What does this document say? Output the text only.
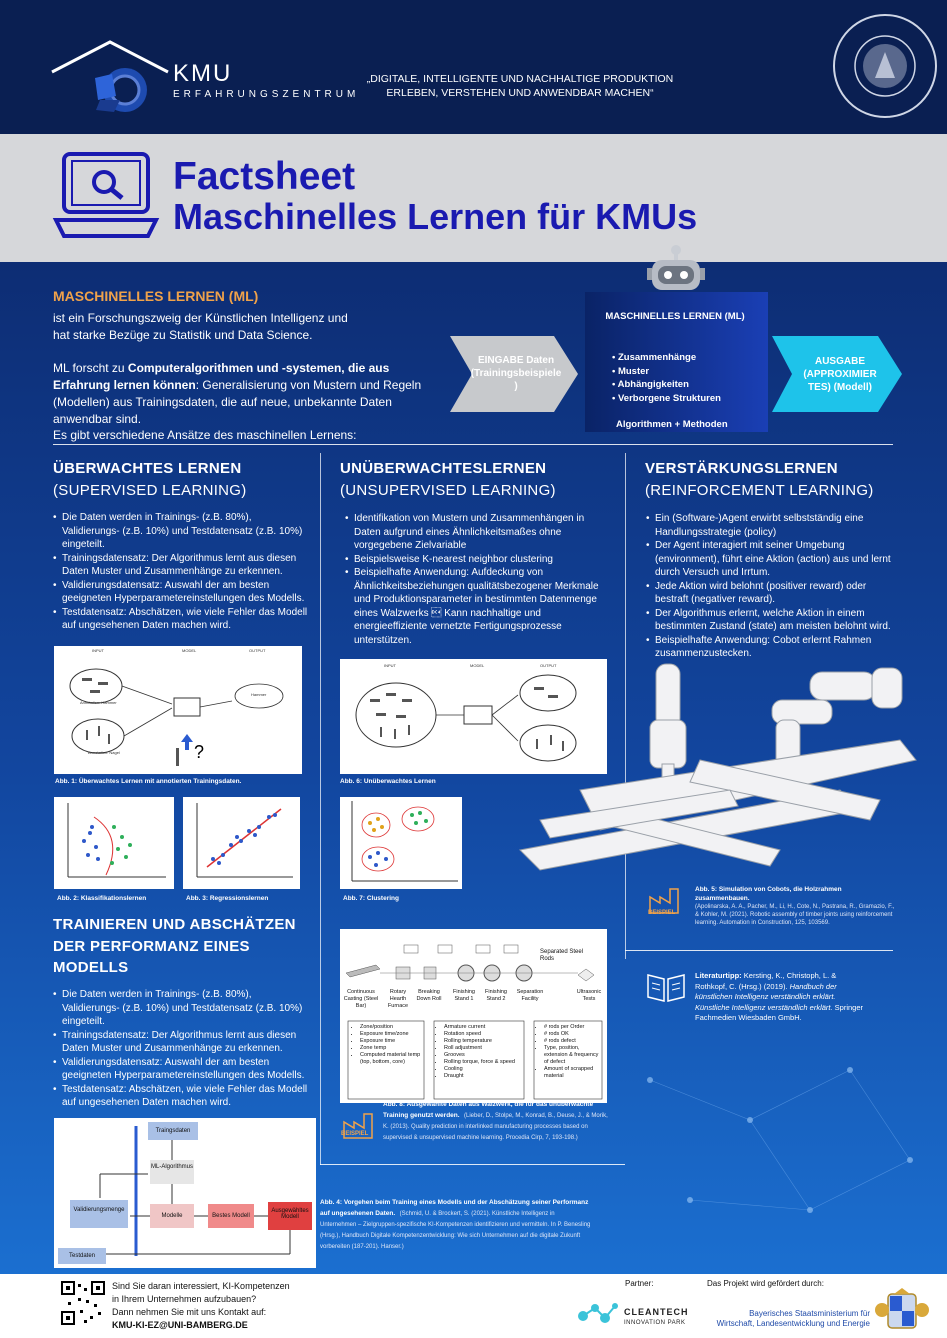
KMU
ERFAHRUNGSZENTRUM
„DIGITALE, INTELLIGENTE UND NACHHALTIGE PRODUKTION ERLEBEN, VERSTEHEN UND ANWENDBAR MACHEN“
Factsheet
Maschinelles Lernen für KMUs
MASCHINELLES LERNEN (ML)
ist ein Forschungszweig der Künstlichen Intelligenz und hat starke Bezüge zu Statistik und Data Science.
ML forscht zu Computeralgorithmen und -systemen, die aus Erfahrung lernen können: Generalisierung von Mustern und Regeln (Modellen) aus Trainingsdaten, die auf neue, unbekannte Daten anwendbar sind.
Es gibt verschiedene Ansätze des maschinellen Lernens:
EINGABE Daten (Trainingsbeispiele )
MASCHINELLES LERNEN (ML)
• Zusammenhänge
• Muster
• Abhängigkeiten
• Verborgene Strukturen
Algorithmen + Methoden
AUSGABE (APPROXIMIER TES) (Modell)
ÜBERWACHTES LERNEN
(SUPERVISED LEARNING)
• Die Daten werden in Trainings- (z.B. 80%), Validierungs- (z.B. 10%) und Testdatensatz (z.B. 10%) eingeteilt.
• Trainingsdatensatz: Der Algorithmus lernt aus diesen Daten Muster und Zusammenhänge zu erkennen.
• Validierungsdatensatz: Auswahl der am besten geeigneten Hyperparametereinstellungen des Modells.
• Testdatensatz: Abschätzen, wie viele Fehler das Modell auf ungesehenen Daten machen wird.
INPUT	MODEL	OUTPUT
Annotation: Hammer
Annotation: Nagel
Hammer
?
Abb. 1: Überwachtes Lernen mit annotierten Trainingsdaten.
Abb. 2: Klassifikationslernen	Abb. 3: Regressionslernen
TRAINIEREN UND ABSCHÄTZEN DER PERFORMANZ EINES MODELLS
• Die Daten werden in Trainings- (z.B. 80%), Validierungs- (z.B. 10%) und Testdatensatz (z.B. 10%) eingeteilt.
• Trainingsdatensatz: Der Algorithmus lernt aus diesen Daten Muster und Zusammenhänge zu erkennen.
• Validierungsdatensatz: Auswahl der am besten geeigneten Hyperparametereinstellungen des Modells.
• Testdatensatz: Abschätzen, wie viele Fehler das Modell auf ungesehenen Daten machen wird.
Traingsdaten
ML-Algorithmus
Validierungsmenge
Modelle	Bestes Modell
Ausgewähltes Modell
Testdaten
UNÜBERWACHTESLERNEN
(UNSUPERVISED LEARNING)
• Identifikation von Mustern und Zusammenhängen in Daten aufgrund eines Ähnlichkeitsmaßes ohne vorgegebene Zielvariable
• Beispielsweise K-nearest neighbor clustering
• Beispielhafte Anwendung: Aufdeckung von Ähnlichkeitsbeziehungen qualitätsbezogener Merkmale und Produktionsparameter in bestimmten Datenmenge eines Walzwerks  Kann nachhaltige und energieeffiziente vernetzte Fertigungsprozesse unterstützen.
INPUT	MODEL	OUTPUT
Abb. 6: Unüberwachtes Lernen
Abb. 7: Clustering
Continuous Casting (Steel Bar)
Rotary Hearth Furnace
Breaking Down Roll
Finishing Stand 1
Finishing Stand 2
Separation Facility
Ultrasonic Tests
Separated Steel Rods
• Zone/position
• Exposure time/zone
• Exposure time
• Zone temp
• Computed material temp (top, bottom, core)
• Armature current
• Rotation speed
• Rolling temperature
• Roll adjustment
• Grooves
• Rolling torque, force & speed
• Cooling
• Draught
• # rods per Order
• # rods OK
• # rods defect
• Type, position, extension & frequency of defect
• Amount of scrapped material
BEISPIEL
Abb. 8: Ausgewählte Daten aus Walzwerk, die für das unüberwachte Training genutzt werden. (Lieber, D., Stolpe, M., Konrad, B., Deuse, J., & Morik, K. (2013). Quality prediction in interlinked manufacturing processes based on supervised & unsupervised machine learning. Procedia Cirp, 7, 193-198.)
Abb. 4: Vorgehen beim Training eines Modells und der Abschätzung seiner Performanz auf ungesehenen Daten. (Schmid, U. & Brockert, S. (2021). Künstliche Intelligenz in Unternehmen – Zielgruppen-spezifische KI-Kompetenzen identifizieren und vermitteln. In P. Benesling (Hrsg.), Handbuch Digitale Kompetenzentwicklung: Wie sich Unternehmen auf die digitale Zukunft vorbereiten (187-201). Hanser.)
VERSTÄRKUNGSLERNEN
(REINFORCEMENT LEARNING)
• Ein (Software-)Agent erwirbt selbstständig eine Handlungsstrategie (policy)
• Der Agent interagiert mit seiner Umgebung (environment), führt eine Aktion (action) aus und lernt durch Versuch und Irrtum.
• Jede Aktion wird belohnt (positiver reward) oder bestraft (negativer reward).
• Der Algorithmus erlernt, welche Aktion in einem bestimmten Zustand (state) am meisten belohnt wird.
• Beispielhafte Anwendung: Cobot erlernt Rahmen zusammenzustecken.
BEISPIEL
Abb. 5: Simulation von Cobots, die Holzrahmen zusammenbauen.
(Apolinarska, A. A., Pacher, M., Li, H., Cote, N., Pastrana, R., Gramazio, F., & Kohler, M. (2021). Robotic assembly of timber joints using reinforcement learning. Automation in Construction, 125, 103569.
Literaturtipp: Kersting, K., Christoph, L. & Rothkopf, C. (Hrsg.) (2019). Handbuch der künstlichen Intelligenz verständlich erklärt. Künstliche Intelligenz verständlich erklärt. Springer Fachmedien Wiesbaden GmbH.
Sind Sie daran interessiert, KI-Kompetenzen
in Ihrem Unternehmen aufzubauen?
Dann nehmen Sie mit uns Kontakt auf:
KMU-KI-EZ@UNI-BAMBERG.DE
Partner:
CLEANTECH
INNOVATION PARK
Das Projekt wird gefördert durch:
Bayerisches Staatsministerium für
Wirtschaft, Landesentwicklung und Energie
